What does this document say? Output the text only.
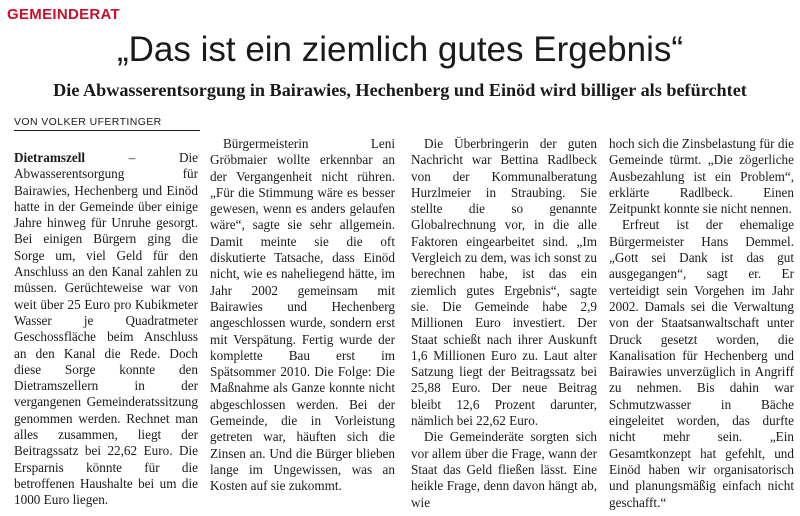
GEMEINDERAT
„Das ist ein ziemlich gutes Ergebnis“
Die Abwasserentsorgung in Bairawies, Hechenberg und Einöd wird billiger als befürchtet
VON VOLKER UFERTINGER

Dietramszell – Die Abwasserentsorgung für Bairawies, Hechenberg und Einöd hatte in der Gemeinde über einige Jahre hinweg für Unruhe gesorgt. Bei einigen Bürgern ging die Sorge um, viel Geld für den Anschluss an den Kanal zahlen zu müssen. Gerüchteweise war von weit über 25 Euro pro Kubikmeter Wasser je Quadratmeter Geschossfläche beim Anschluss an den Kanal die Rede. Doch diese Sorge konnte den Dietramszellern in der vergangenen Gemeinderatssitzung genommen werden. Rechnet man alles zusammen, liegt der Beitragssatz bei 22,62 Euro. Die Ersparnis könnte für die betroffenen Haushalte bei um die 1000 Euro liegen.

Bürgermeisterin Leni Gröbmaier wollte erkennbar an der Vergangenheit nicht rühren. „Für die Stimmung wäre es besser gewesen, wenn es anders gelaufen wäre“, sagte sie sehr allgemein. Damit meinte sie die oft diskutierte Tatsache, dass Einöd nicht, wie es naheliegend hätte, im Jahr 2002 gemeinsam mit Bairawies und Hechenberg angeschlossen wurde, sondern erst mit Verspätung. Fertig wurde der komplette Bau erst im Spätsommer 2010. Die Folge: Die Maßnahme als Ganze konnte nicht abgeschlossen werden. Bei der Gemeinde, die in Vorleistung getreten war, häuften sich die Zinsen an. Und die Bürger blieben lange im Ungewissen, was an Kosten auf sie zukommt.

Die Überbringerin der guten Nachricht war Bettina Radlbeck von der Kommunalberatung Hurzlmeier in Straubing. Sie stellte die so genannte Globalrechnung vor, in die alle Faktoren eingearbeitet sind. „Im Vergleich zu dem, was ich sonst zu berechnen habe, ist das ein ziemlich gutes Ergebnis“, sagte sie. Die Gemeinde habe 2,9 Millionen Euro investiert. Der Staat schießt nach ihrer Auskunft 1,6 Millionen Euro zu. Laut alter Satzung liegt der Beitragssatz bei 25,88 Euro. Der neue Beitrag bleibt 12,6 Prozent darunter, nämlich bei 22,62 Euro.

Die Gemeinderäte sorgten sich vor allem über die Frage, wann der Staat das Geld fließen lässt. Eine heikle Frage, denn davon hängt ab, wie

hoch sich die Zinsbelastung für die Gemeinde türmt. „Die zögerliche Ausbezahlung ist ein Problem“, erklärte Radlbeck. Einen Zeitpunkt konnte sie nicht nennen.

Erfreut ist der ehemalige Bürgermeister Hans Demmel. „Gott sei Dank ist das gut ausgegangen“, sagt er. Er verteidigt sein Vorgehen im Jahr 2002. Damals sei die Verwaltung von der Staatsanwaltschaft unter Druck gesetzt worden, die Kanalisation für Hechenberg und Bairawies unverzüglich in Angriff zu nehmen. Bis dahin war Schmutzwasser in Bäche eingeleitet worden, das durfte nicht mehr sein. „Ein Gesamtkonzept hat gefehlt, und Einöd haben wir organisatorisch und planungsmäßig einfach nicht geschafft.“
